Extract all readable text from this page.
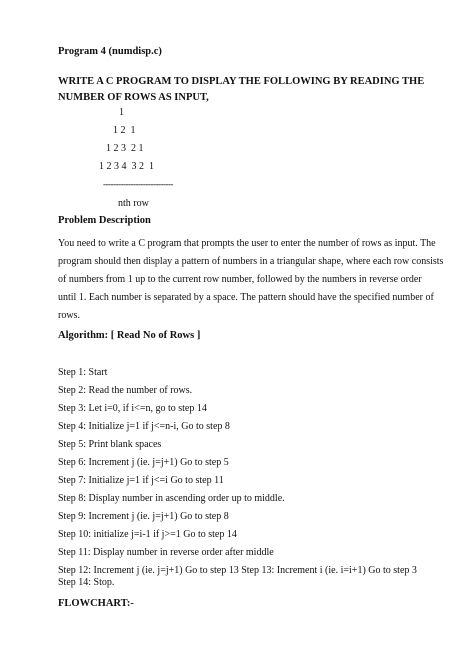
Program 4 (numdisp.c)
WRITE A C PROGRAM TO DISPLAY THE FOLLOWING BY READING THE
NUMBER OF ROWS AS INPUT,
1
1 2  1
1 2 3  2 1
1 2 3 4  3 2  1
----------------------------
nth row
Problem Description
You need to write a C program that prompts the user to enter the number of rows as input. The
program should then display a pattern of numbers in a triangular shape, where each row consists
of numbers from 1 up to the current row number, followed by the numbers in reverse order
until 1. Each number is separated by a space. The pattern should have the specified number of
rows.
Algorithm: [ Read No of Rows ]
Step 1: Start
Step 2: Read the number of rows.
Step 3: Let i=0, if i<=n, go to step 14
Step 4: Initialize j=1 if j<=n-i, Go to step 8
Step 5: Print blank spaces
Step 6: Increment j (ie. j=j+1) Go to step 5
Step 7: Initialize j=1 if j<=i Go to step 11
Step 8: Display number in ascending order up to middle.
Step 9: Increment j (ie. j=j+1) Go to step 8
Step 10: initialize j=i-1 if j>=1 Go to step 14
Step 11: Display number in reverse order after middle
Step 12: Increment j (ie. j=j+1) Go to step 13 Step 13: Increment i (ie. i=i+1) Go to step 3
Step 14: Stop.
FLOWCHART:-
